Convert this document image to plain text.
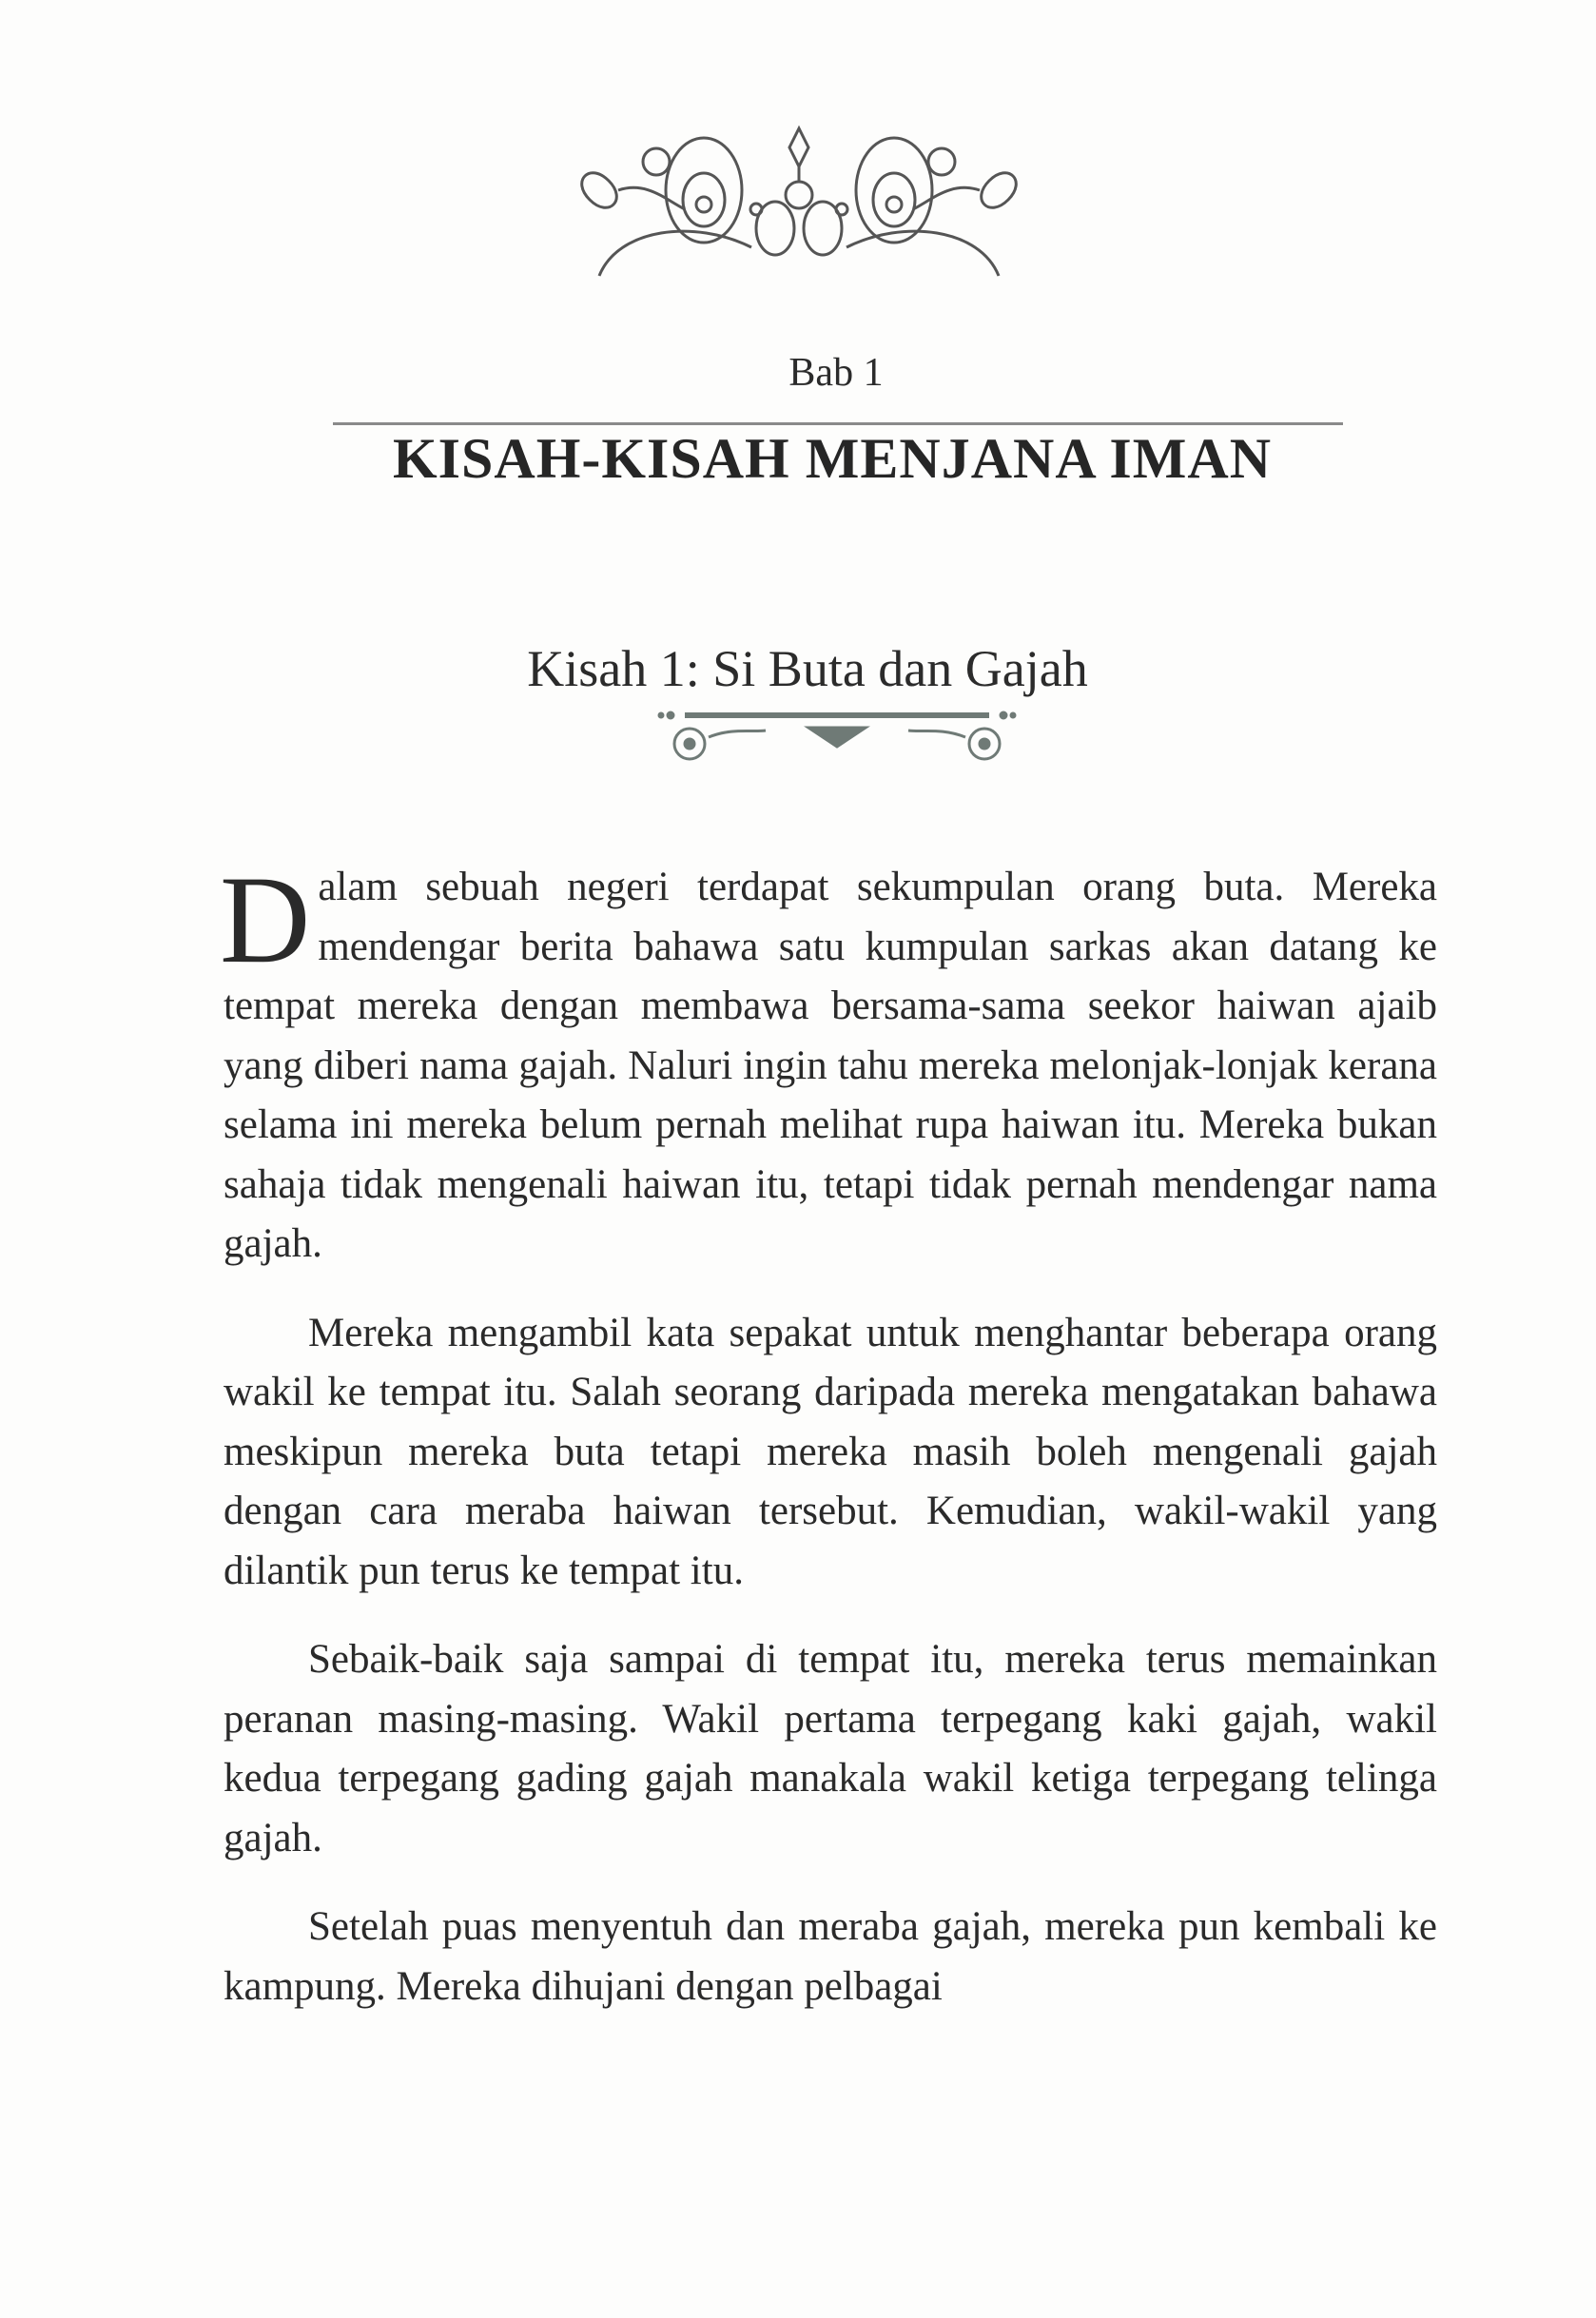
Bab 1
KISAH-KISAH MENJANA IMAN
Kisah 1: Si Buta dan Gajah

Dalam sebuah negeri terdapat sekumpulan orang buta. Mereka mendengar berita bahawa satu kumpulan sarkas akan datang ke tempat mereka dengan membawa bersama-sama seekor haiwan ajaib yang diberi nama gajah. Naluri ingin tahu mereka melonjak-lonjak kerana selama ini mereka belum pernah melihat rupa haiwan itu. Mereka bukan sahaja tidak mengenali haiwan itu, tetapi tidak pernah mendengar nama gajah.

Mereka mengambil kata sepakat untuk menghantar beberapa orang wakil ke tempat itu. Salah seorang daripada mereka mengatakan bahawa meskipun mereka buta tetapi mereka masih boleh mengenali gajah dengan cara meraba haiwan tersebut. Kemudian, wakil-wakil yang dilantik pun terus ke tempat itu.

Sebaik-baik saja sampai di tempat itu, mereka terus memainkan peranan masing-masing. Wakil pertama terpegang kaki gajah, wakil kedua terpegang gading gajah manakala wakil ketiga terpegang telinga gajah.

Setelah puas menyentuh dan meraba gajah, mereka pun kembali ke kampung. Mereka dihujani dengan pelbagai
